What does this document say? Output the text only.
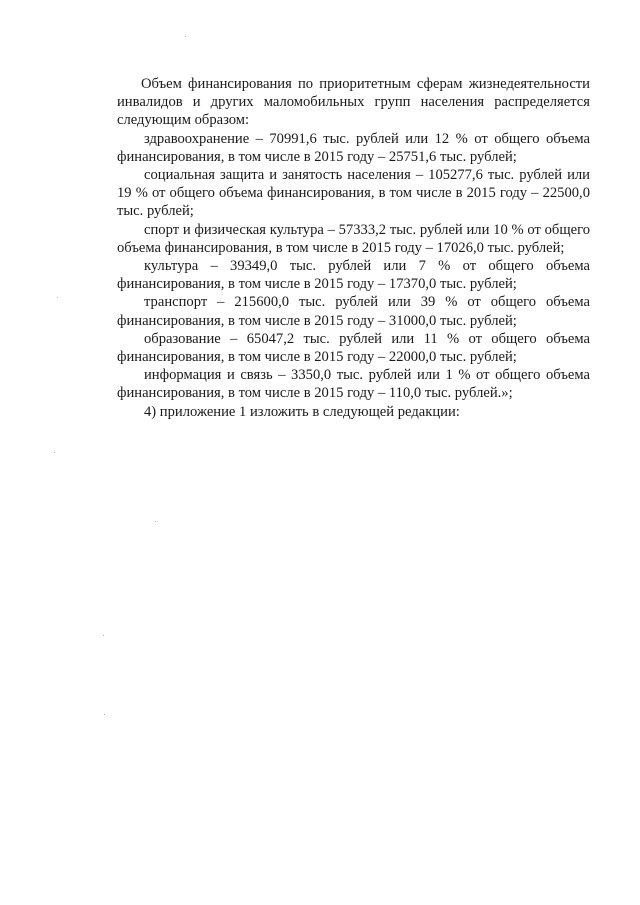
Объем финансирования по приоритетным сферам жизнедеятельности инвалидов и других маломобильных групп населения распределяется следующим образом:

здравоохранение – 70991,6 тыс. рублей или 12 % от общего объема финансирования, в том числе в 2015 году – 25751,6 тыс. рублей;

социальная защита и занятость населения – 105277,6 тыс. рублей или 19 % от общего объема финансирования, в том числе в 2015 году – 22500,0 тыс. рублей;

спорт и физическая культура – 57333,2 тыс. рублей или 10 % от общего объема финансирования, в том числе в 2015 году – 17026,0 тыс. рублей;

культура – 39349,0 тыс. рублей или 7 % от общего объема финансирования, в том числе в 2015 году – 17370,0 тыс. рублей;

транспорт – 215600,0 тыс. рублей или 39 % от общего объема финансирования, в том числе в 2015 году – 31000,0 тыс. рублей;

образование – 65047,2 тыс. рублей или 11 % от общего объема финансирования, в том числе в 2015 году – 22000,0 тыс. рублей;

информация и связь – 3350,0 тыс. рублей или 1 % от общего объема финансирования, в том числе в 2015 году – 110,0 тыс. рублей.»;

4) приложение 1 изложить в следующей редакции:
